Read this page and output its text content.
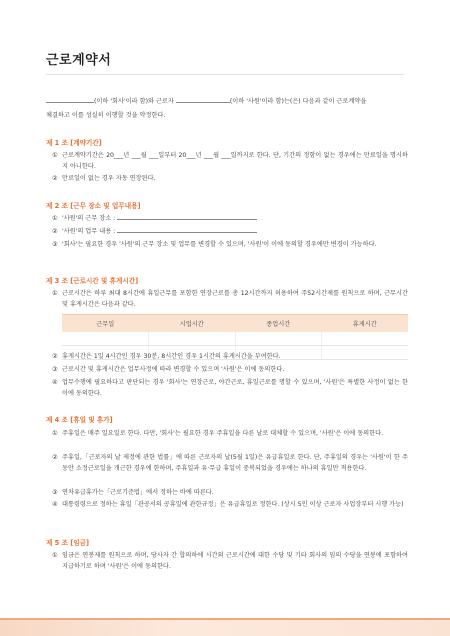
근로계약서
(이하 '회사'이라 함)와 근로자	(이하 '사원'이라 함)는(은) 다음과 같이 근로계약을
체결하고 이를 성실히 이행할 것을 약정한다.
제 1 조 [계약기간]
① 근로계약기간은 20___년 ___월 ___일부터 20___년 ___월 ___일까지로 한다. 단, 기간의 정함이 없는 경우에는 만료일을 명시하지 아니한다.
② 만료일이 없는 경우 자동 연장된다.
제 2 조 [근무 장소 및 업무내용]
① '사원'의 근무 장소 :
② '사원'의 업무 내용 :
③ '회사'는 필요한 경우 '사원'의 근무 장소 및 업무를 변경할 수 있으며, '사원'이 이에 동의할 경우에만 변경이 가능하다.
제 3 조 [근로시간 및 휴게시간]
① 근로시간은 하루 최대 8시간에 휴일근무를 포함한 연장근로를 총 12시간까지 허용하여 주52시간제를 원칙으로 하며, 근무시간 및 휴게시간은 다음과 같다.
근무일	시업시간	종업시간	휴게시간
② 휴게시간은 1일 4시간인 경우 30분, 8시간인 경우 1시간의 휴게시간을 부여한다.
③ 근로시간 및 휴게시간은 업무사정에 따라 변경할 수 있으며 '사원'은 이에 동의한다.
④ 업무수행에 필요하다고 판단되는 경우 '회사'는 연장근로, 야간근로, 휴일근로를 명할 수 있으며, '사원'은 특별한 사정이 없는 한 이에 동의한다.
제 4 조 [휴일 및 휴가]
① 주휴일은 매주 일요일로 한다. 다만, '회사'는 필요한 경우 주휴일을 다른 날로 대체할 수 있으며, '사원'은 이에 동의한다.
② 주휴일,「근로자의 날 제정에 관한 법률」에 따른 근로자의 날(5월 1일)은 유급휴일로 한다. 단, 주휴일의 경우는 '사원'이 한 주 동안 소정근로일을 개근한 경우에 한하며, 주휴일과 유·무급 휴일이 중복되었을 경우에는 하나의 휴일만 적용한다.
③ 연차유급휴가는「근로기준법」에서 정하는 바에 따른다.
④ 대통령령으로 정하는 휴일「관공서의 공휴일에 관한규정」은 유급휴일로 정한다. (상시 5인 이상 근로자 사업장부터 시행 가능)
제 5 조 [임금]
① 임금은 연봉제를 원칙으로 하며, 당사자 간 합의하에 시간외 근로시간에 대한 수당 및 기타 회사의 임의 수당을 연봉에 포함하여 지급하기로 하며 '사원'은 이에 동의한다.
